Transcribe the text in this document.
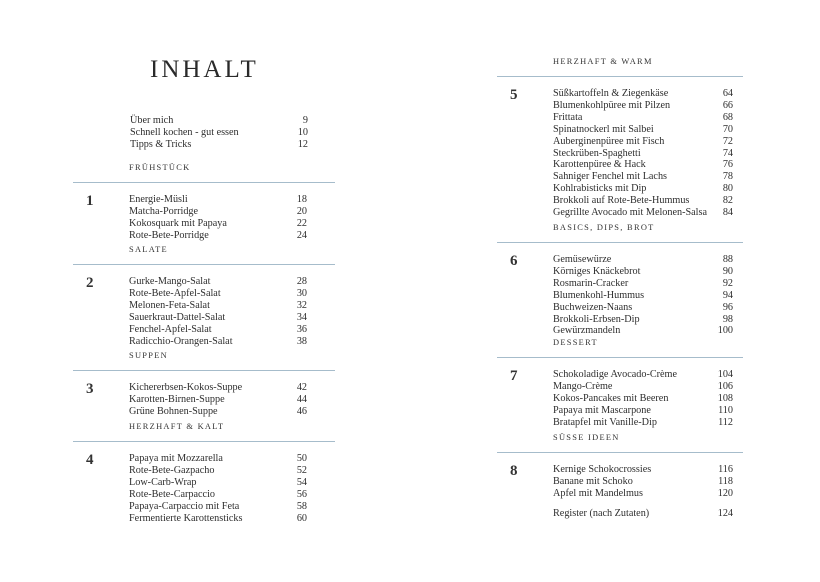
INHALT
Über mich	9
Schnell kochen - gut essen	10
Tipps & Tricks	12
FRÜHSTÜCK
1	Energie-Müsli	18
Matcha-Porridge	20
Kokosquark mit Papaya	22
Rote-Bete-Porridge	24
SALATE
2	Gurke-Mango-Salat	28
Rote-Bete-Apfel-Salat	30
Melonen-Feta-Salat	32
Sauerkraut-Dattel-Salat	34
Fenchel-Apfel-Salat	36
Radicchio-Orangen-Salat	38
SUPPEN
3	Kichererbsen-Kokos-Suppe	42
Karotten-Birnen-Suppe	44
Grüne Bohnen-Suppe	46
HERZHAFT & KALT
4	Papaya mit Mozzarella	50
Rote-Bete-Gazpacho	52
Low-Carb-Wrap	54
Rote-Bete-Carpaccio	56
Papaya-Carpaccio mit Feta	58
Fermentierte Karottensticks	60
HERZHAFT & WARM
5	Süßkartoffeln & Ziegenkäse	64
Blumenkohlpüree mit Pilzen	66
Frittata	68
Spinatnockerl mit Salbei	70
Auberginenpüree mit Fisch	72
Steckrüben-Spaghetti	74
Karottenpüree & Hack	76
Sahniger Fenchel mit Lachs	78
Kohlrabisticks mit Dip	80
Brokkoli auf Rote-Bete-Hummus	82
Gegrillte Avocado mit Melonen-Salsa	84
BASICS, DIPS, BROT
6	Gemüsewürze	88
Körniges Knäckebrot	90
Rosmarin-Cracker	92
Blumenkohl-Hummus	94
Buchweizen-Naans	96
Brokkoli-Erbsen-Dip	98
Gewürzmandeln	100
DESSERT
7	Schokoladige Avocado-Crème	104
Mango-Crème	106
Kokos-Pancakes mit Beeren	108
Papaya mit Mascarpone	110
Bratapfel mit Vanille-Dip	112
SÜSSE IDEEN
8	Kernige Schokocrossies	116
Banane mit Schoko	118
Apfel mit Mandelmus	120
Register (nach Zutaten)	124
